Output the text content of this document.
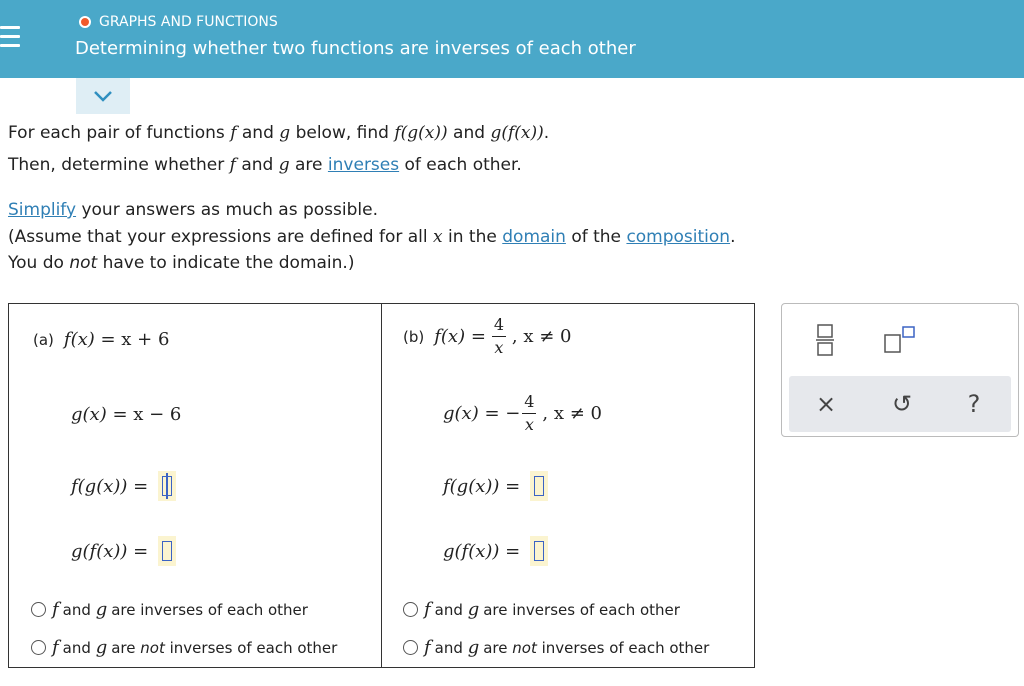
GRAPHS AND FUNCTIONS
Determining whether two functions are inverses of each other
For each pair of functions f and g below, find f(g(x)) and g(f(x)).
Then, determine whether f and g are inverses of each other.
Simplify your answers as much as possible.
(Assume that your expressions are defined for all x in the domain of the composition.
You do not have to indicate the domain.)
(a) f(x)
= x + 6
g(x)
= x − 6
f(g(x))
=
g(f(x))
=
f and
g are inverses of each other
f and
g are
not
inverses of each other
(b) f(x)
= $\frac{4}{x}$ , x ≠ 0
g(x)
=
− $\frac{4}{x}$ , x ≠ 0
f(g(x))
=
g(f(x))
=
f and
g are inverses of each other
f and
g are
not
inverses of each other
× ↺ ?
